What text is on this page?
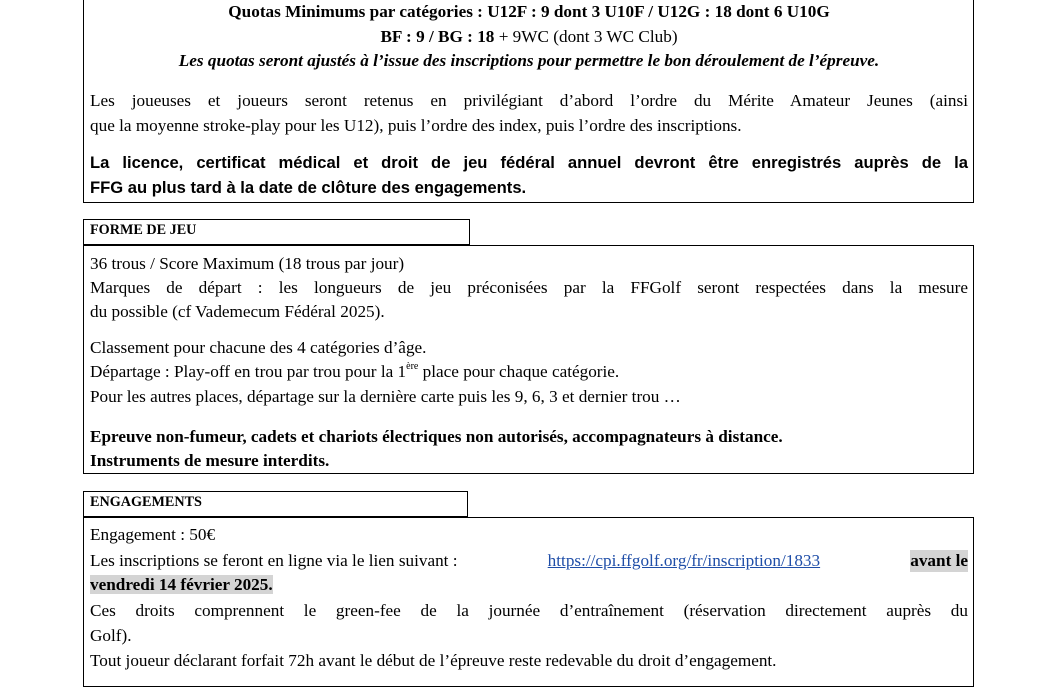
Quotas Minimums par catégories : U12F : 9 dont 3 U10F / U12G : 18 dont 6 U10G
BF : 9 / BG : 18 + 9WC (dont 3 WC Club)
Les quotas seront ajustés à l’issue des inscriptions pour permettre le bon déroulement de l’épreuve.
Les joueuses et joueurs seront retenus en privilégiant d’abord l’ordre du Mérite Amateur Jeunes (ainsi
que la moyenne stroke-play pour les U12), puis l’ordre des index, puis l’ordre des inscriptions.
La licence, certificat médical et droit de jeu fédéral annuel devront être enregistrés auprès de la
FFG au plus tard à la date de clôture des engagements.
FORME DE JEU
36 trous / Score Maximum (18 trous par jour)
Marques de départ : les longueurs de jeu préconisées par la FFGolf seront respectées dans la mesure
du possible (cf Vademecum Fédéral 2025).
Classement pour chacune des 4 catégories d’âge.
Départage : Play-off en trou par trou pour la 1ère place pour chaque catégorie.
Pour les autres places, départage sur la dernière carte puis les 9, 6, 3 et dernier trou …
Epreuve non-fumeur, cadets et chariots électriques non autorisés, accompagnateurs à distance.
Instruments de mesure interdits.
ENGAGEMENTS
Engagement : 50€
Les inscriptions se feront en ligne via le lien suivant :	https://cpi.ffgolf.org/fr/inscription/1833	avant le
vendredi 14 février 2025.
Ces droits comprennent le green-fee de la journée d’entraînement (réservation directement auprès du
Golf).
Tout joueur déclarant forfait 72h avant le début de l’épreuve reste redevable du droit d’engagement.
